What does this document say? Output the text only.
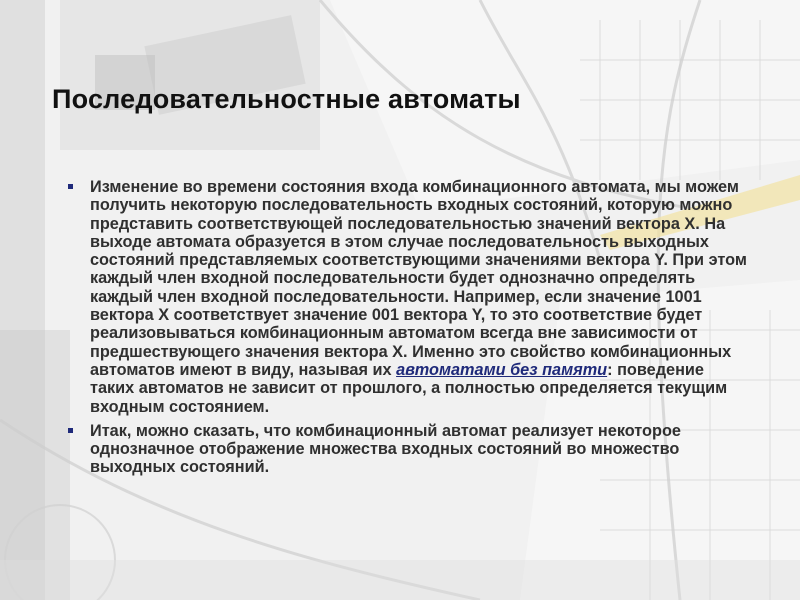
Последовательностные автоматы
Изменение во времени состояния входа комбинационного автомата, мы можем получить некоторую последовательность входных состояний, которую можно представить соответствующей последовательностью значений вектора X. На выходе автомата образуется в этом случае последовательность выходных состояний представляемых соответствующими значениями вектора Y. При этом каждый член входной последовательности будет однозначно определять каждый член входной последовательности. Например, если значение 1001 вектора X соответствует значение 001 вектора Y, то это соответствие будет реализовываться комбинационным автоматом всегда вне зависимости от предшествующего значения вектора X. Именно это свойство комбинационных автоматов имеют в виду, называя их автоматами без памяти: поведение таких автоматов не зависит от прошлого, а полностью определяется текущим входным состоянием.
Итак, можно сказать, что комбинационный автомат реализует некоторое однозначное отображение множества входных состояний во множество выходных состояний.
